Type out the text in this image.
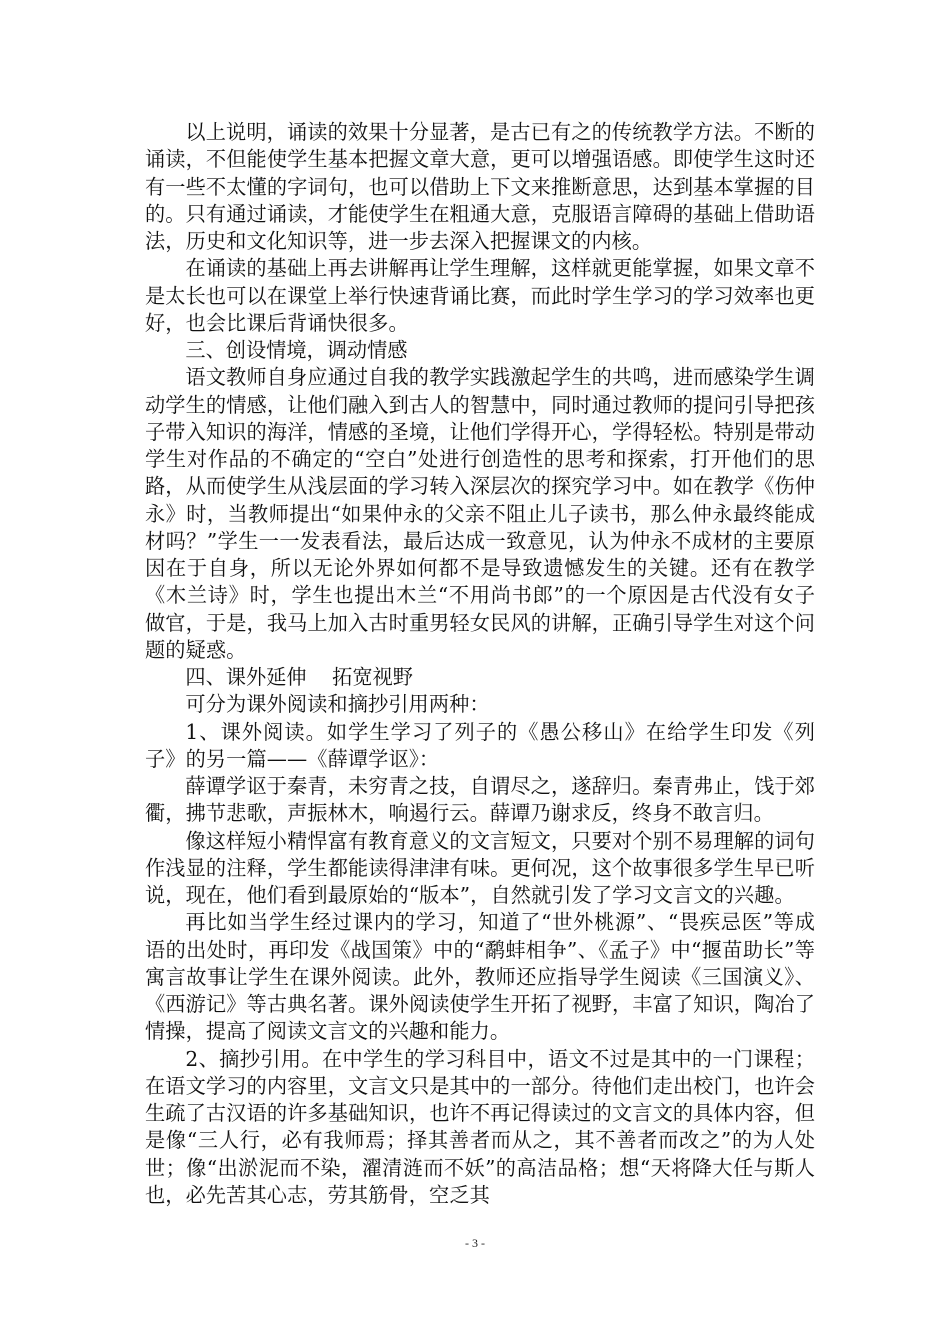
以上说明，诵读的效果十分显著，是古已有之的传统教学方法。不断的诵读，不但能使学生基本把握文章大意，更可以增强语感。即使学生这时还有一些不太懂的字词句，也可以借助上下文来推断意思，达到基本掌握的目的。只有通过诵读，才能使学生在粗通大意，克服语言障碍的基础上借助语法，历史和文化知识等，进一步去深入把握课文的内核。

在诵读的基础上再去讲解再让学生理解，这样就更能掌握，如果文章不是太长也可以在课堂上举行快速背诵比赛，而此时学生学习的学习效率也更好，也会比课后背诵快很多。

三、创设情境，调动情感

语文教师自身应通过自我的教学实践激起学生的共鸣，进而感染学生调动学生的情感，让他们融入到古人的智慧中，同时通过教师的提问引导把孩子带入知识的海洋，情感的圣境，让他们学得开心，学得轻松。特别是带动学生对作品的不确定的“空白”处进行创造性的思考和探索，打开他们的思路，从而使学生从浅层面的学习转入深层次的探究学习中。如在教学《伤仲永》时，当教师提出“如果仲永的父亲不阻止儿子读书，那么仲永最终能成材吗？”学生一一发表看法，最后达成一致意见，认为仲永不成材的主要原因在于自身，所以无论外界如何都不是导致遗憾发生的关键。还有在教学《木兰诗》时，学生也提出木兰“不用尚书郎”的一个原因是古代没有女子做官，于是，我马上加入古时重男轻女民风的讲解，正确引导学生对这个问题的疑惑。

四、课外延伸    拓宽视野

可分为课外阅读和摘抄引用两种：

1、课外阅读。如学生学习了列子的《愚公移山》在给学生印发《列子》的另一篇——《薛谭学讴》：

薛谭学讴于秦青，未穷青之技，自谓尽之，遂辞归。秦青弗止，饯于郊衢，拂节悲歌，声振林木，响遏行云。薛谭乃谢求反，终身不敢言归。

像这样短小精悍富有教育意义的文言短文，只要对个别不易理解的词句作浅显的注释，学生都能读得津津有味。更何况，这个故事很多学生早已听说，现在，他们看到最原始的“版本”，自然就引发了学习文言文的兴趣。

再比如当学生经过课内的学习，知道了“世外桃源”、“畏疾忌医”等成语的出处时，再印发《战国策》中的“鹬蚌相争”、《孟子》中“揠苗助长”等寓言故事让学生在课外阅读。此外，教师还应指导学生阅读《三国演义》、《西游记》等古典名著。课外阅读使学生开拓了视野，丰富了知识，陶冶了情操，提高了阅读文言文的兴趣和能力。

2、摘抄引用。在中学生的学习科目中，语文不过是其中的一门课程；在语文学习的内容里，文言文只是其中的一部分。待他们走出校门，也许会生疏了古汉语的许多基础知识，也许不再记得读过的文言文的具体内容，但是像“三人行，必有我师焉；择其善者而从之，其不善者而改之”的为人处世；像“出淤泥而不染，濯清涟而不妖”的高洁品格；想“天将降大任与斯人也，必先苦其心志，劳其筋骨，空乏其

- 3 -
